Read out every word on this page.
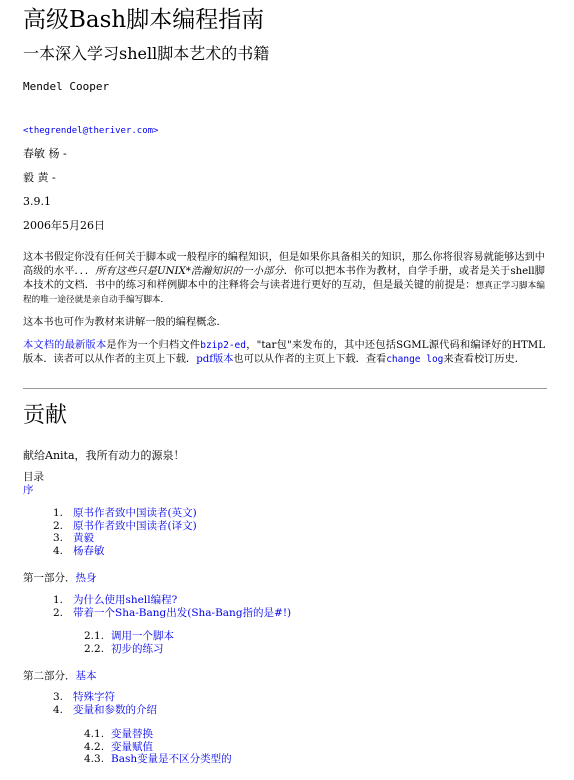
高级Bash脚本编程指南
一本深入学习shell脚本艺术的书籍
Mendel Cooper
<thegrendel@theriver.com>
春敏 杨 -
毅 黄 -
3.9.1
2006年5月26日
这本书假定你没有任何关于脚本或一般程序的编程知识，但是如果你具备相关的知识，那么你将很容易就能够达到中高级的水平．．．所有这些只是UNIX*浩瀚知识的一小部分．你可以把本书作为教材，自学手册，或者是关于shell脚本技术的文档．书中的练习和样例脚本中的注释将会与读者进行更好的互动，但是最关键的前提是：想真正学习脚本编程的唯一途径就是亲自动手编写脚本．
这本书也可作为教材来讲解一般的编程概念．
本文档的最新版本是作为一个归档文件bzip2-ed，"tar包"来发布的，其中还包括SGML源代码和编译好的HTML版本．读者可以从作者的主页上下载．pdf版本也可以从作者的主页上下载．查看change log来查看校订历史．
贡献
献给Anita，我所有动力的源泉！
目录
序
1. 原书作者致中国读者(英文)
2. 原书作者致中国读者(译文)
3. 黄毅
4. 杨春敏
第一部分．热身
1. 为什么使用shell编程?
2. 带着一个Sha-Bang出发(Sha-Bang指的是#!)
2.1. 调用一个脚本
2.2. 初步的练习
第二部分．基本
3. 特殊字符
4. 变量和参数的介绍
4.1. 变量替换
4.2. 变量赋值
4.3. Bash变量是不区分类型的
